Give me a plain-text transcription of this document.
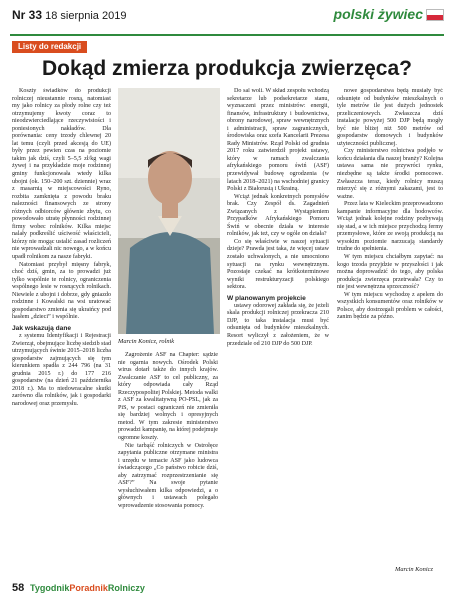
Nr 33 18 sierpnia 2019	polski żywiec
Listy do redakcji
Dokąd zmierza produkcja zwierzęca?

Koszty świadków do produkcji rolniczej nieustannie rosną, natomiast my jako rolnicy za płody rolne czy też otrzymujemy kwoty coraz to nieodzwierciedlające rzeczywistości i poniesionych nakładów. Dla porównania: ceny trzody chlewnej 20 lat temu (czyli przed akcesją do UE) były przez pewien czas na poziomie takim jak dziś, czyli 5–5,5 zł/kg wagi żywej i na przykładzie moje rodzinnej gminy funkcjonowała wtedy kilka ubojni (ok. 150–200 szt. dziennie) wraz z masarnią w miejscowości Ryno, rozbita zamknięta z powodu braku nalezności finansowych ze strony różnych odbiorców głównie zbytu, co powodowało utratę płynności rodzinnej firmy wobec rolników. Kilka miejsc nalały podkreślić uściwość właścicieli, którzy nie mogąc ustalić zasad rozliczeń nie wprowadzali nic nowego, a w końcu upadł rolnikom za nasze fabryki.

Natomiast przybył mięsny fabryk, choć dziś, gmin, za to prowadzi już tylko wspólnie te rolnicy, ograniczenia wspólnego lesie w rosnących rolnikach. Niewiele z ubojni i dobrze, gdy gniazdo rodzinne i Kowalski na wsi uratować gospodarstwo zmienia się ukraińcy pod hasłem „dzieci” i wspólnie.

Jak wskazują dane

z systemu Identyfikacji i Rejestracji Zwierząt, obejmujące liczbę siedzib stad utrzymujących świnie 2015–2018 liczba gospodarstw zajmujących się tym kierunkiem spadła z 244 796 (na 31 grudnia 2015 r.) do 177 216 gospodarstw (na dzień 21 października 2018 r.). Ma to niedowracalne skutki zarówno dla rolników, jak i gospodarki narodowej oraz przemysłu.

Marcin Konicz, rolnik

Zagrożenie ASF na Chapter: sądzie nie ogarnia nowych. Ośrodek Polski wirus dotarł także do innych krajów. Zwalczanie ASF to cel publiczny, za który odpowiada cały Rząd Rzeczypospolitej Polskiej. Metoda walki z ASF za kwalitatywną PO-PSL, jak za PiS, w postaci ograniczeń nie zmieniła się bardziej wolnych i opresyjnych metod. W tym zakresie ministerstwo prowadzi kampanię, na której podejmuje ogromne koszty.

Nie tarbąść rolniczych w Ostrołęce zapytania publiczne otrzymane ministra i urzędu w temacie ASF jako ludowca świadczącego „Co państwo robicie dziś, aby zatrzymać rozprzestrzenianie się ASF?” Na swoje pytanie wysłuchiwałem kilka odpowiedzi, a o głównych i ustawach polegało wprowadzenie stosowania pomocy.

Do sal woli. W skład zespołu wchodzą sekretarze lub podsekretarze stanu, wyznaczeni przez ministrów: energii, finansów, infrastruktury i budownictwa, obrony narodowej, spraw wewnętrznych i administracji, spraw zagranicznych, środowiska oraz szefa Kancelarii Prezesa Rady Ministrów. Rząd Polski od grudnia 2017 roku zatwierdził projekt ustawy, który w ramach zwalczania afrykańskiego pomoru świń (ASF) przewidywał budowę ogrodzenia (w latach 2018–2021) na wschodniej granicy Polski z Białorusią i Ukrainą.

Wciąż jednak konkretnych pomysłów brak. Czy Zespół ds. Zagadnień Związanych z Wystąpieniem Przypadków Afrykańskiego Pomoru Świń w obecnie działa w interesie rolników, jak też, czy w ogóle on działa?

Co się właściwie w naszej sytuacji dzieje? Prawda jest taka, że więcej ustaw zostało uchwalonych, a nie umocniono sytuacji na rynku wewnętrznym. Pozostaje czekać na krótkoterminowe wyniki restrukturyzacji polskiego sektora.

W planowanym projekcie

ustawy odorowej zakłada się, że jeżeli skala produkcji rolniczej przekracza 210 DJP, to taka instalacja musi być odsunięta od budynków mieszkalnych. Resort wyliczył z założeniem, że w przedziale od 210 DJP do 500 DJP.

nowe gospodarstwa będą musiały być odsunięte od budynków mieszkalnych o tyle metrów ile jest dużych jednostek przeliczeniowych. Zwłaszcza dziś instalacje powyżej 500 DJP będą mogły być nie bliżej niż 500 metrów od gospodarstw domowych i budynków użyteczności publicznej.

Czy ministerstwo rolnictwa podjęło w końcu działania dla naszej branży? Kolejna ustawa sama nie przywróci rynku, niezbędne są także środki pomocowe. Zwłaszcza teraz, kiedy rolnicy muszą mierzyć się z różnymi zakazami, jest to ważne.

Przez lata w Kieleckim przeprowadzono kampanie informacyjne dla hodowców. Wciąż jednak kolejne rodziny pozbywają się stad, a w ich miejsce przychodzą fermy przemysłowe, które ze swoją produkcją na wysokim poziomie narzucają standardy trudne do spełnienia.

W tym miejscu chciałbym zapytać: na kogo trzoda przyjdzie w przyszłości i jak można doprowadzić do tego, aby polska produkcja zwierzęca przetrwała? Czy to nie jest wewnętrzna sprzeczność?

W tym miejscu wychodzę z apelem do wszystkich konsumentów oraz rolników w Polsce, aby dostrzegali problem w całości, zanim będzie za późno.

Marcin Konicz
58 TygodnikPoradnikRolniczy
